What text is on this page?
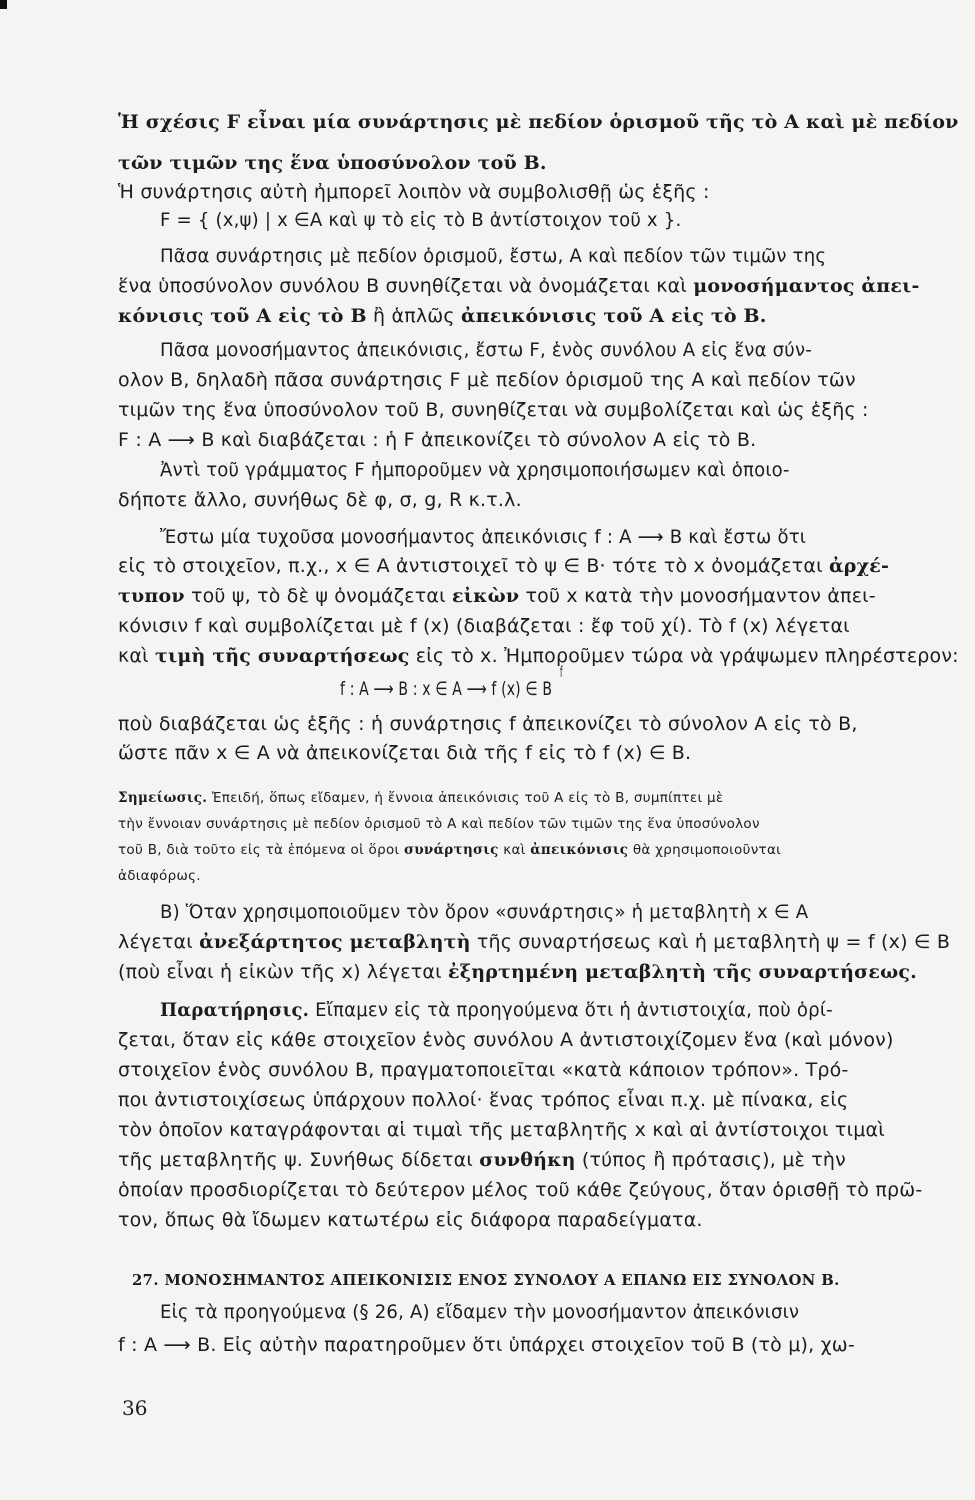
Ἡ σχέσις F εἶναι μία συνάρτησις μὲ πεδίον ὁρισμοῦ τῆς τὸ A καὶ μὲ πεδίον
τῶν τιμῶν της ἕνα ὑποσύνολον τοῦ B.
Ἡ συνάρτησις αὐτὴ ἠμπορεῖ λοιπὸν νὰ συμβολισθῇ ὡς ἑξῆς :
F = { (x,ψ) | x ∈A καὶ ψ τὸ εἰς τὸ B ἀντίστοιχον τοῦ x }.
Πᾶσα συνάρτησις μὲ πεδίον ὁρισμοῦ, ἔστω, A καὶ πεδίον τῶν τιμῶν της
ἕνα ὑποσύνολον συνόλου B συνηθίζεται νὰ ὀνομάζεται καὶ μονοσήμαντος ἀπει-
κόνισις τοῦ A εἰς τὸ B ἢ ἁπλῶς ἀπεικόνισις τοῦ A εἰς τὸ B.
Πᾶσα μονοσήμαντος ἀπεικόνισις, ἔστω F, ἑνὸς συνόλου A εἰς ἕνα σύν-
ολον B, δηλαδὴ πᾶσα συνάρτησις F μὲ πεδίον ὁρισμοῦ της A καὶ πεδίον τῶν
τιμῶν της ἕνα ὑποσύνολον τοῦ B, συνηθίζεται νὰ συμβολίζεται καὶ ὡς ἑξῆς :
F : A ⟶ B καὶ διαβάζεται : ἡ F ἀπεικονίζει τὸ σύνολον A εἰς τὸ B.
Ἀντὶ τοῦ γράμματος F ἠμποροῦμεν νὰ χρησιμοποιήσωμεν καὶ ὁποιο-
δήποτε ἄλλο, συνήθως δὲ φ, σ, g, R κ.τ.λ.
Ἔστω μία τυχοῦσα μονοσήμαντος ἀπεικόνισις f : A ⟶ B καὶ ἔστω ὅτι
εἰς τὸ στοιχεῖον, π.χ., x ∈ A ἀντιστοιχεῖ τὸ ψ ∈ B· τότε τὸ x ὀνομάζεται ἀρχέ-
τυπον τοῦ ψ, τὸ δὲ ψ ὀνομάζεται εἰκὼν τοῦ x κατὰ τὴν μονοσήμαντον ἀπει-
κόνισιν f καὶ συμβολίζεται μὲ f (x) (διαβάζεται : ἔφ τοῦ χί). Τὸ f (x) λέγεται
καὶ τιμὴ τῆς συναρτήσεως εἰς τὸ x. Ἠμποροῦμεν τώρα νὰ γράψωμεν πληρέστερον:
f
f : A ⟶ B : x ∈ A ⟶ f (x) ∈ B
ποὺ διαβάζεται ὡς ἑξῆς : ἡ συνάρτησις f ἀπεικονίζει τὸ σύνολον A εἰς τὸ B,
ὥστε πᾶν x ∈ A νὰ ἀπεικονίζεται διὰ τῆς f εἰς τὸ f (x) ∈ B.
Σημείωσις. Ἐπειδή, ὅπως εἴδαμεν, ἡ ἔννοια ἀπεικόνισις τοῦ A εἰς τὸ B, συμπίπτει μὲ
τὴν ἔννοιαν συνάρτησις μὲ πεδίον ὁρισμοῦ τὸ A καὶ πεδίον τῶν τιμῶν της ἕνα ὑποσύνολον
τοῦ B, διὰ τοῦτο εἰς τὰ ἑπόμενα οἱ ὅροι συνάρτησις καὶ ἀπεικόνισις θὰ χρησιμοποιοῦνται
ἀδιαφόρως.
B) Ὅταν χρησιμοποιοῦμεν τὸν ὅρον «συνάρτησις» ἡ μεταβλητὴ x ∈ A
λέγεται ἀνεξάρτητος μεταβλητὴ τῆς συναρτήσεως καὶ ἡ μεταβλητὴ ψ = f (x) ∈ B
(ποὺ εἶναι ἡ εἰκὼν τῆς x) λέγεται ἐξηρτημένη μεταβλητὴ τῆς συναρτήσεως.
Παρατήρησις. Εἴπαμεν εἰς τὰ προηγούμενα ὅτι ἡ ἀντιστοιχία, ποὺ ὁρί-
ζεται, ὅταν εἰς κάθε στοιχεῖον ἑνὸς συνόλου A ἀντιστοιχίζομεν ἕνα (καὶ μόνον)
στοιχεῖον ἑνὸς συνόλου B, πραγματοποιεῖται «κατὰ κάποιον τρόπον». Τρό-
ποι ἀντιστοιχίσεως ὑπάρχουν πολλοί· ἕνας τρόπος εἶναι π.χ. μὲ πίνακα, εἰς
τὸν ὁποῖον καταγράφονται αἱ τιμαὶ τῆς μεταβλητῆς x καὶ αἱ ἀντίστοιχοι τιμαὶ
τῆς μεταβλητῆς ψ. Συνήθως δίδεται συνθήκη (τύπος ἢ πρότασις), μὲ τὴν
ὁποίαν προσδιορίζεται τὸ δεύτερον μέλος τοῦ κάθε ζεύγους, ὅταν ὁρισθῇ τὸ πρῶ-
τον, ὅπως θὰ ἴδωμεν κατωτέρω εἰς διάφορα παραδείγματα.
27. ΜΟΝΟΣΗΜΑΝΤΟΣ ΑΠΕΙΚΟΝΙΣΙΣ ΕΝΟΣ ΣΥΝΟΛΟΥ A ΕΠΑΝΩ ΕΙΣ ΣΥΝΟΛΟΝ B.
Εἰς τὰ προηγούμενα (§ 26, A) εἴδαμεν τὴν μονοσήμαντον ἀπεικόνισιν
f : A ⟶ B. Εἰς αὐτὴν παρατηροῦμεν ὅτι ὑπάρχει στοιχεῖον τοῦ B (τὸ μ), χω-
36
